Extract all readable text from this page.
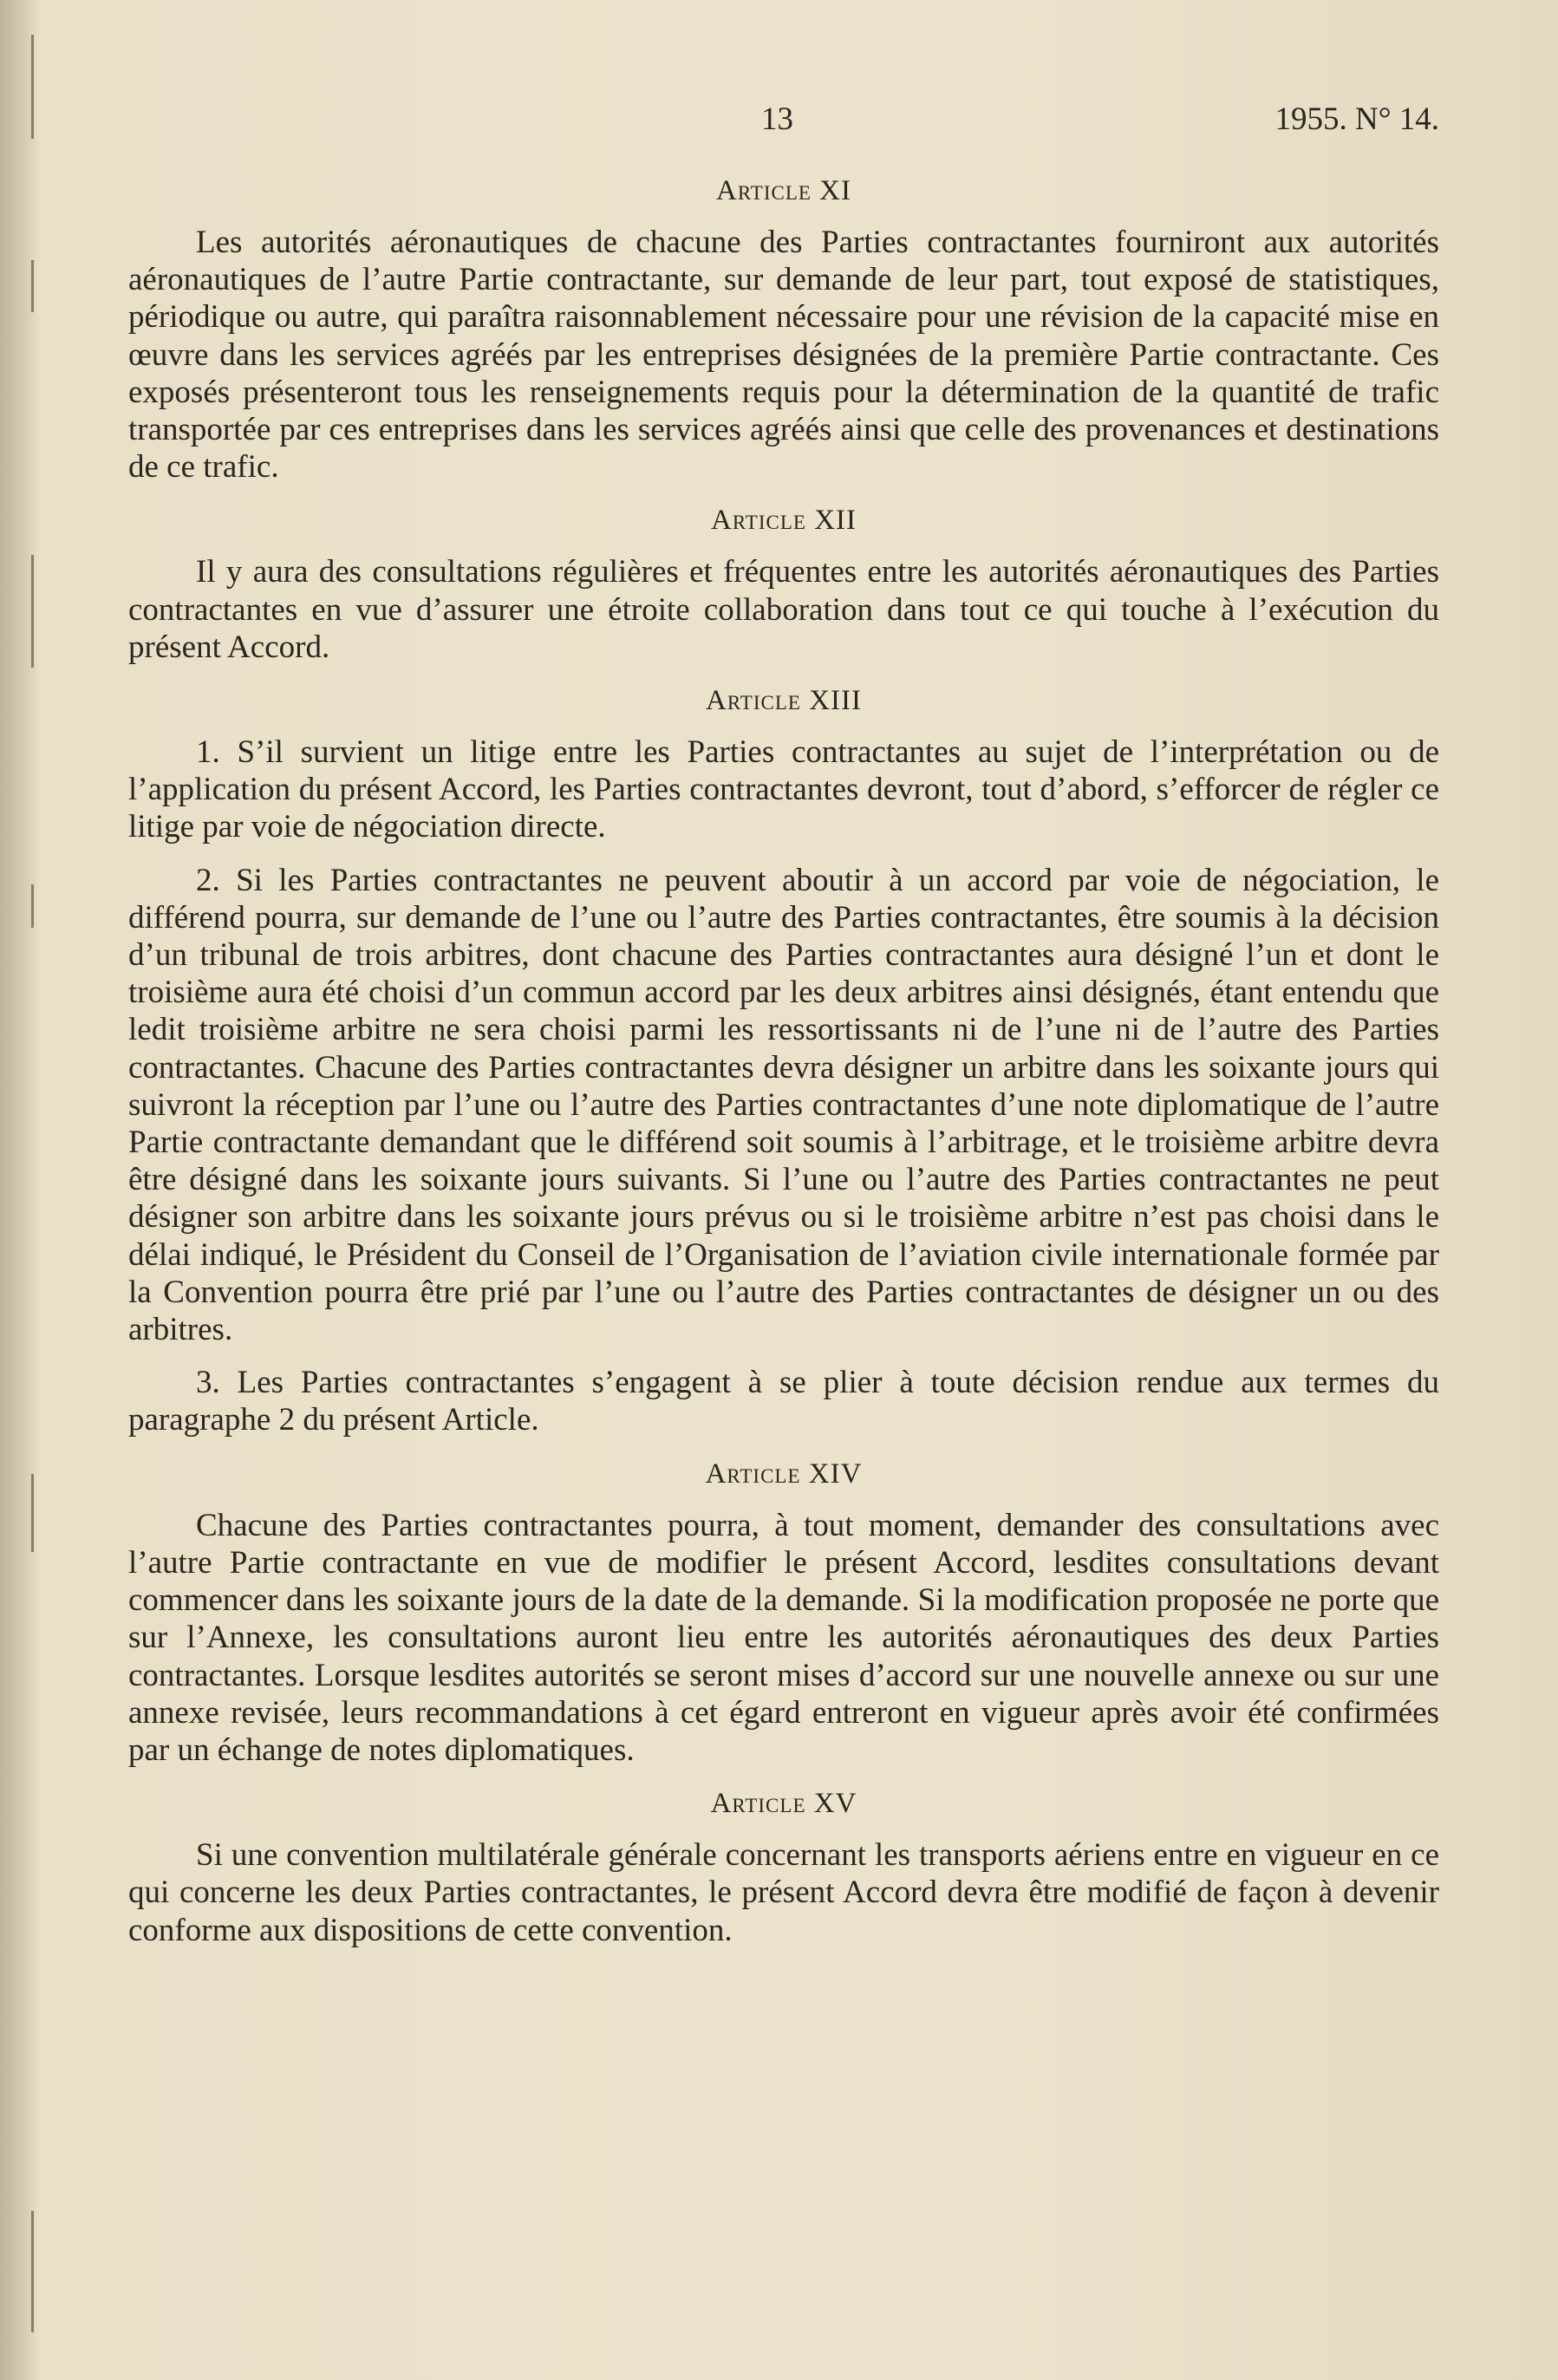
13	1955. N° 14.
Article XI

Les autorités aéronautiques de chacune des Parties contractantes fourniront aux autorités aéronautiques de l’autre Partie contractante, sur demande de leur part, tout exposé de statistiques, périodique ou autre, qui paraîtra raisonnablement nécessaire pour une révision de la capacité mise en œuvre dans les services agréés par les entreprises désignées de la première Partie contractante. Ces exposés présenteront tous les renseignements requis pour la détermination de la quantité de trafic transportée par ces entreprises dans les services agréés ainsi que celle des provenances et destinations de ce trafic.

Article XII

Il y aura des consultations régulières et fréquentes entre les autorités aéronautiques des Parties contractantes en vue d’assurer une étroite collaboration dans tout ce qui touche à l’exécution du présent Accord.

Article XIII

1. S’il survient un litige entre les Parties contractantes au sujet de l’interprétation ou de l’application du présent Accord, les Parties contractantes devront, tout d’abord, s’efforcer de régler ce litige par voie de négociation directe.

2. Si les Parties contractantes ne peuvent aboutir à un accord par voie de négociation, le différend pourra, sur demande de l’une ou l’autre des Parties contractantes, être soumis à la décision d’un tribunal de trois arbitres, dont chacune des Parties contractantes aura désigné l’un et dont le troisième aura été choisi d’un commun accord par les deux arbitres ainsi désignés, étant entendu que ledit troisième arbitre ne sera choisi parmi les ressortissants ni de l’une ni de l’autre des Parties contractantes. Chacune des Parties contractantes devra désigner un arbitre dans les soixante jours qui suivront la réception par l’une ou l’autre des Parties contractantes d’une note diplomatique de l’autre Partie contractante demandant que le différend soit soumis à l’arbitrage, et le troisième arbitre devra être désigné dans les soixante jours suivants. Si l’une ou l’autre des Parties contractantes ne peut désigner son arbitre dans les soixante jours prévus ou si le troisième arbitre n’est pas choisi dans le délai indiqué, le Président du Conseil de l’Organisation de l’aviation civile internationale formée par la Convention pourra être prié par l’une ou l’autre des Parties contractantes de désigner un ou des arbitres.

3. Les Parties contractantes s’engagent à se plier à toute décision rendue aux termes du paragraphe 2 du présent Article.

Article XIV

Chacune des Parties contractantes pourra, à tout moment, demander des consultations avec l’autre Partie contractante en vue de modifier le présent Accord, lesdites consultations devant commencer dans les soixante jours de la date de la demande. Si la modification proposée ne porte que sur l’Annexe, les consultations auront lieu entre les autorités aéronautiques des deux Parties contractantes. Lorsque lesdites autorités se seront mises d’accord sur une nouvelle annexe ou sur une annexe revisée, leurs recommandations à cet égard entreront en vigueur après avoir été confirmées par un échange de notes diplomatiques.

Article XV

Si une convention multilatérale générale concernant les transports aériens entre en vigueur en ce qui concerne les deux Parties contractantes, le présent Accord devra être modifié de façon à devenir conforme aux dispositions de cette convention.
